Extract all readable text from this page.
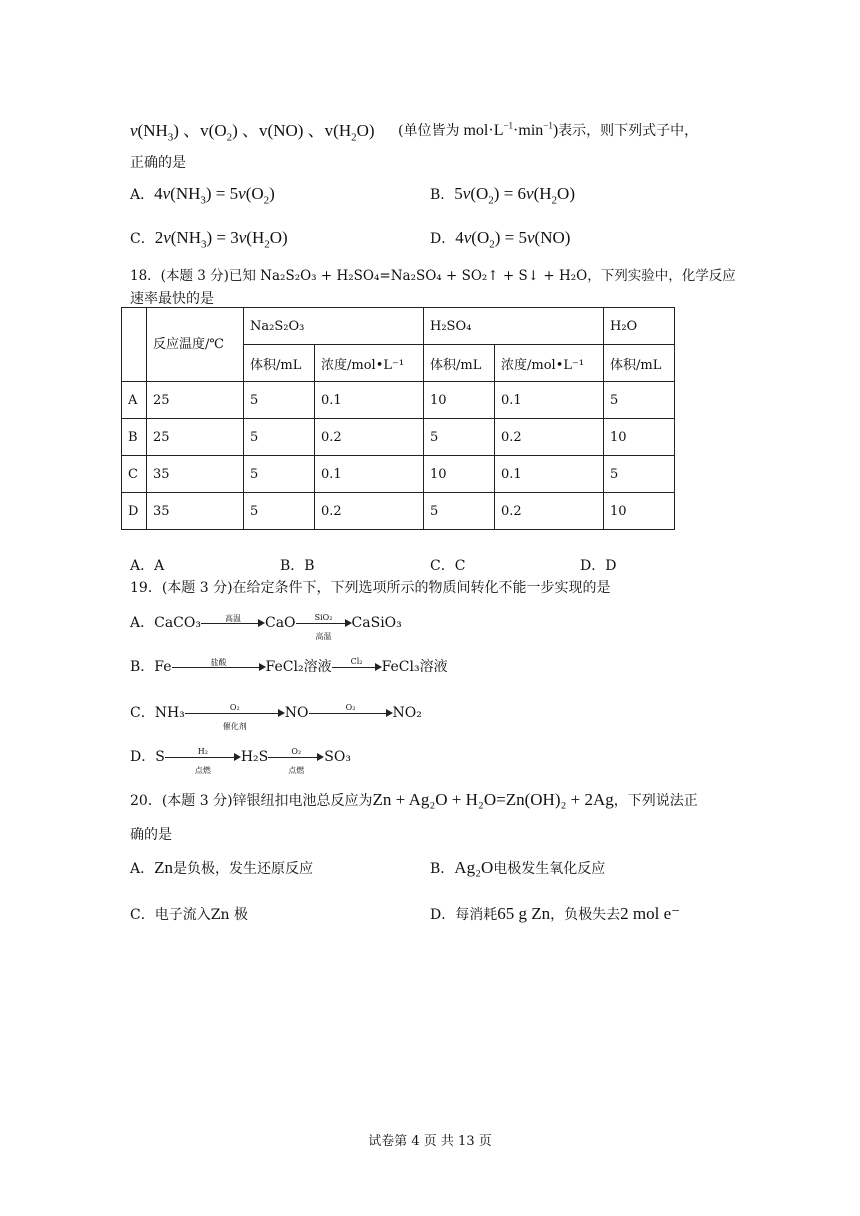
$v(NH_3)$ 、$v(O_2)$ 、v(NO) 、$v(H_2O)$ (单位皆为 $mol\cdot L^{-1}\cdot\min^{-1}$)表示，则下列式子中，
正确的是
A．$4v(NH_3) = 5v(O_2)$	B．$5v(O_2) = 6v(H_2O)$
C．$2v(NH_3) = 3v(H_2O)$	D．$4v(O_2) = 5v(NO)$
18．(本题 3 分)已知 Na₂S₂O₃ + H₂SO₄=Na₂SO₄ + SO₂↑ + S↓ + H₂O，下列实验中，化学反应
速率最快的是
	反应温度/℃	Na₂S₂O₃		H₂SO₄		H₂O
		体积/mL	浓度/mol•L⁻¹	体积/mL	浓度/mol•L⁻¹	体积/mL
A	25	5	0.1	10	0.1	5
B	25	5	0.2	5	0.2	10
C	35	5	0.1	10	0.1	5
D	35	5	0.2	5	0.2	10
A．A	B．B	C．C	D．D
19．(本题 3 分)在给定条件下，下列选项所示的物质间转化不能一步实现的是
A．CaCO₃	高温	CaO	SiO₂
高温
CaSiO₃
B．Fe	盐酸	FeCl₂溶液	Cl₂	FeCl₃溶液
C．NH₃	O₂
催化剂
NO	O₂	NO₂
D．S	H₂
点燃
H₂S	O₂
点燃
SO₃
20．(本题 3 分)锌银纽扣电池总反应为Zn + Ag₂O + H₂O=Zn(OH)₂ + 2Ag，下列说法正
确的是
A．Zn是负极，发生还原反应	B．Ag₂O电极发生氧化反应
C．电子流入Zn 极	D．每消耗65 g Zn，负极失去2 mol e⁻
试卷第 4 页 共 13 页
